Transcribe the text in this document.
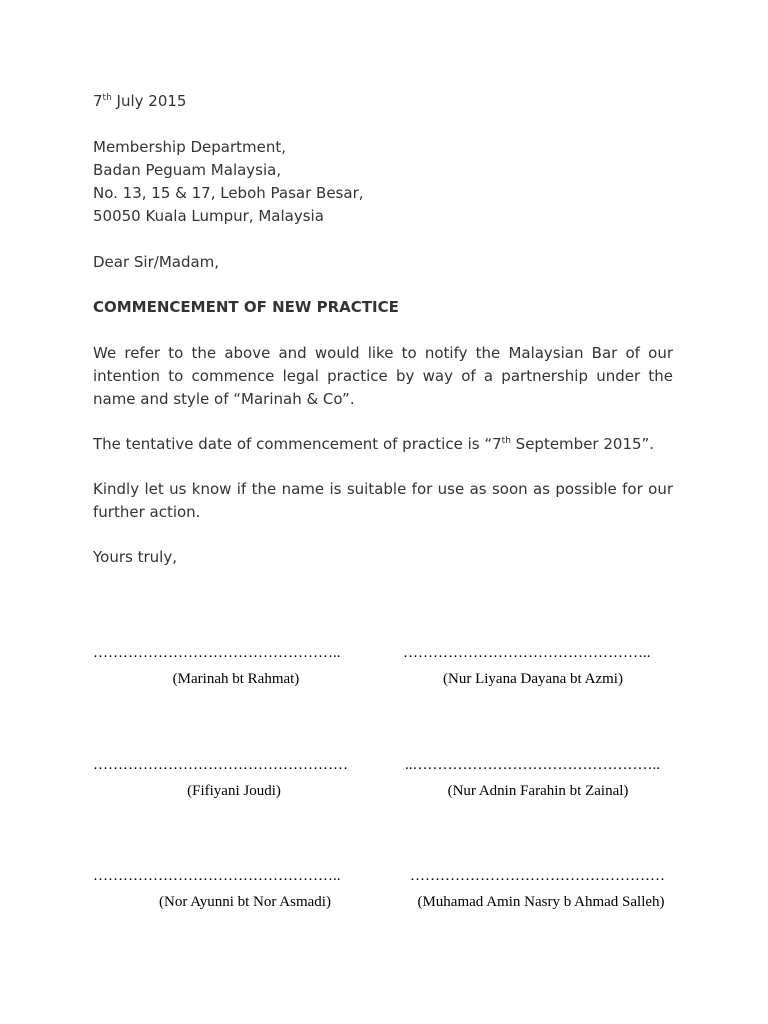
7th July 2015
Membership Department,
Badan Peguam Malaysia,
No. 13, 15 & 17, Leboh Pasar Besar,
50050 Kuala Lumpur, Malaysia
Dear Sir/Madam,
COMMENCEMENT OF NEW PRACTICE
We refer to the above and would like to notify the Malaysian Bar of our intention to commence legal practice by way of a partnership under the name and style of “Marinah & Co”.
The tentative date of commencement of practice is “7th September 2015”.
Kindly let us know if the name is suitable for use as soon as possible for our further action.
Yours truly,
…………………………………………..	…………………………………………..
(Marinah bt Rahmat)	(Nur Liyana Dayana bt Azmi)
……………………………………………	..…………………………………………..
(Fifiyani Joudi)	(Nur Adnin Farahin bt Zainal)
…………………………………………..	……………………………………………
(Nor Ayunni bt Nor Asmadi)	(Muhamad Amin Nasry b Ahmad Salleh)
